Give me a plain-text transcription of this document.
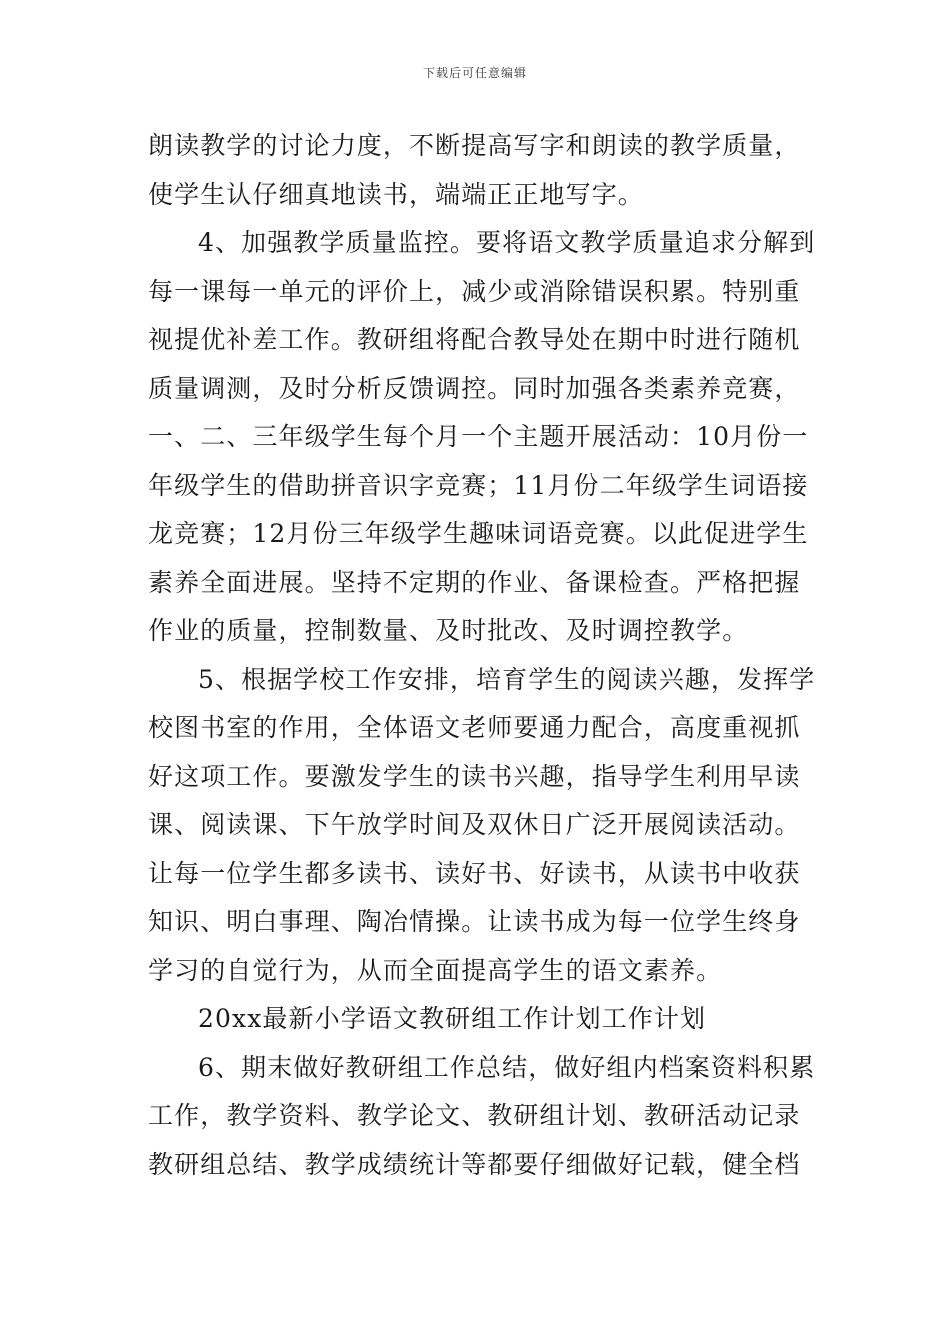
下载后可任意编辑
朗读教学的讨论力度，不断提高写字和朗读的教学质量，
使学生认仔细真地读书，端端正正地写字。
4、加强教学质量监控。要将语文教学质量追求分解到
每一课每一单元的评价上，减少或消除错误积累。特别重
视提优补差工作。教研组将配合教导处在期中时进行随机
质量调测，及时分析反馈调控。同时加强各类素养竞赛，
一、二、三年级学生每个月一个主题开展活动：10月份一
年级学生的借助拼音识字竞赛；11月份二年级学生词语接
龙竞赛；12月份三年级学生趣味词语竞赛。以此促进学生
素养全面进展。坚持不定期的作业、备课检查。严格把握
作业的质量，控制数量、及时批改、及时调控教学。
5、根据学校工作安排，培育学生的阅读兴趣，发挥学
校图书室的作用，全体语文老师要通力配合，高度重视抓
好这项工作。要激发学生的读书兴趣，指导学生利用早读
课、阅读课、下午放学时间及双休日广泛开展阅读活动。
让每一位学生都多读书、读好书、好读书，从读书中收获
知识、明白事理、陶冶情操。让读书成为每一位学生终身
学习的自觉行为，从而全面提高学生的语文素养。
20xx最新小学语文教研组工作计划工作计划
6、期末做好教研组工作总结，做好组内档案资料积累
工作，教学资料、教学论文、教研组计划、教研活动记录
教研组总结、教学成绩统计等都要仔细做好记载，健全档
